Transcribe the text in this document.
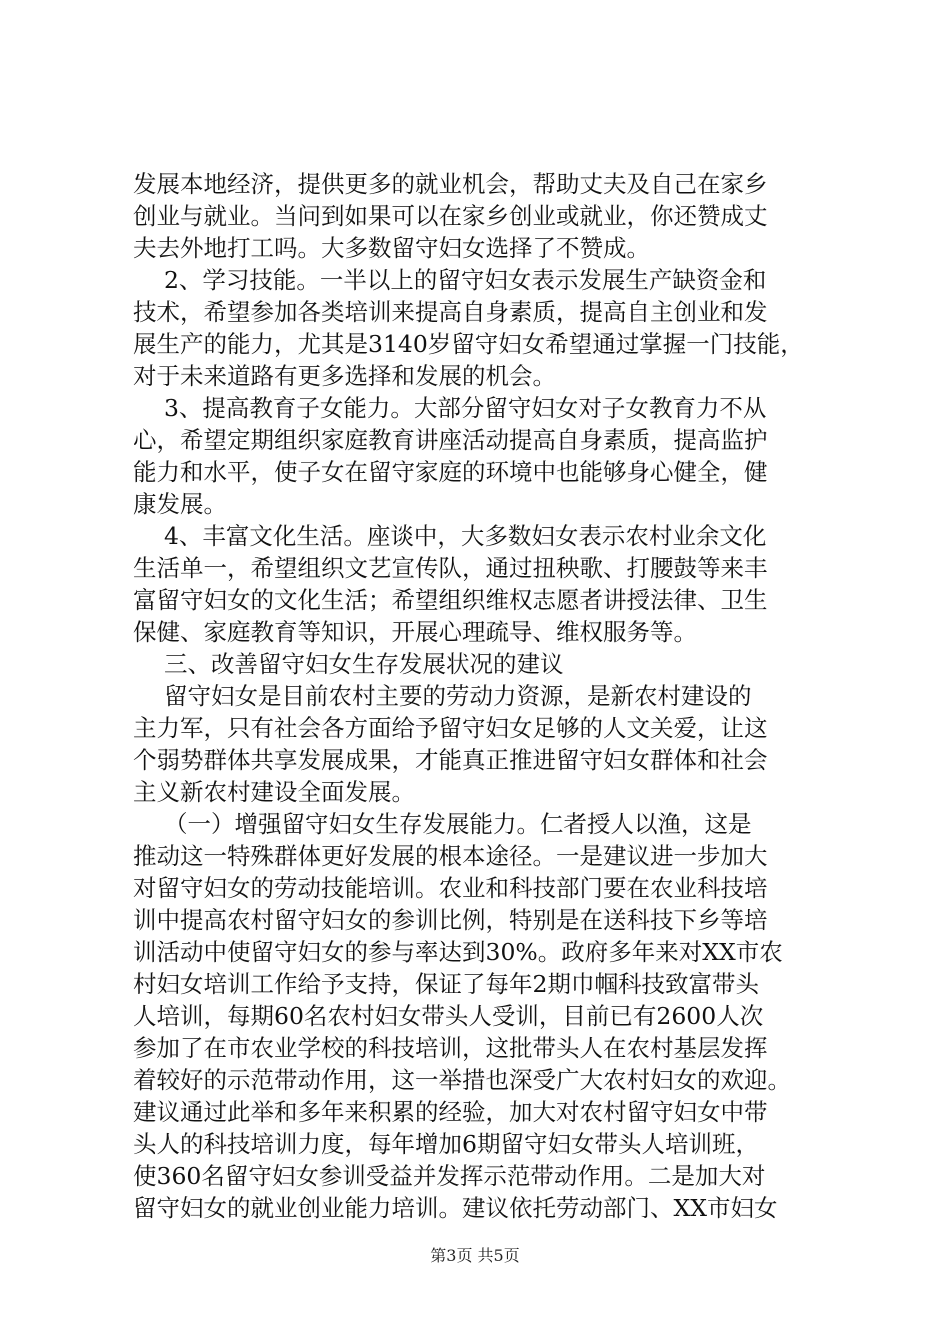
发展本地经济，提供更多的就业机会，帮助丈夫及自己在家乡
创业与就业。当问到如果可以在家乡创业或就业，你还赞成丈
夫去外地打工吗。大多数留守妇女选择了不赞成。
　 2、学习技能。一半以上的留守妇女表示发展生产缺资金和
技术，希望参加各类培训来提高自身素质，提高自主创业和发
展生产的能力，尤其是3140岁留守妇女希望通过掌握一门技能，
对于未来道路有更多选择和发展的机会。
　 3、提高教育子女能力。大部分留守妇女对子女教育力不从
心，希望定期组织家庭教育讲座活动提高自身素质，提高监护
能力和水平，使子女在留守家庭的环境中也能够身心健全，健
康发展。
　 4、丰富文化生活。座谈中，大多数妇女表示农村业余文化
生活单一，希望组织文艺宣传队，通过扭秧歌、打腰鼓等来丰
富留守妇女的文化生活；希望组织维权志愿者讲授法律、卫生
保健、家庭教育等知识，开展心理疏导、维权服务等。
　 三、改善留守妇女生存发展状况的建议
　 留守妇女是目前农村主要的劳动力资源，是新农村建设的
主力军，只有社会各方面给予留守妇女足够的人文关爱，让这
个弱势群体共享发展成果，才能真正推进留守妇女群体和社会
主义新农村建设全面发展。
　 （一）增强留守妇女生存发展能力。仁者授人以渔，这是
推动这一特殊群体更好发展的根本途径。一是建议进一步加大
对留守妇女的劳动技能培训。农业和科技部门要在农业科技培
训中提高农村留守妇女的参训比例，特别是在送科技下乡等培
训活动中使留守妇女的参与率达到30%。政府多年来对XX市农
村妇女培训工作给予支持，保证了每年2期巾帼科技致富带头
人培训，每期60名农村妇女带头人受训，目前已有2600人次
参加了在市农业学校的科技培训，这批带头人在农村基层发挥
着较好的示范带动作用，这一举措也深受广大农村妇女的欢迎。
建议通过此举和多年来积累的经验，加大对农村留守妇女中带
头人的科技培训力度，每年增加6期留守妇女带头人培训班，
使360名留守妇女参训受益并发挥示范带动作用。二是加大对
留守妇女的就业创业能力培训。建议依托劳动部门、XX市妇女
第3页 共5页
